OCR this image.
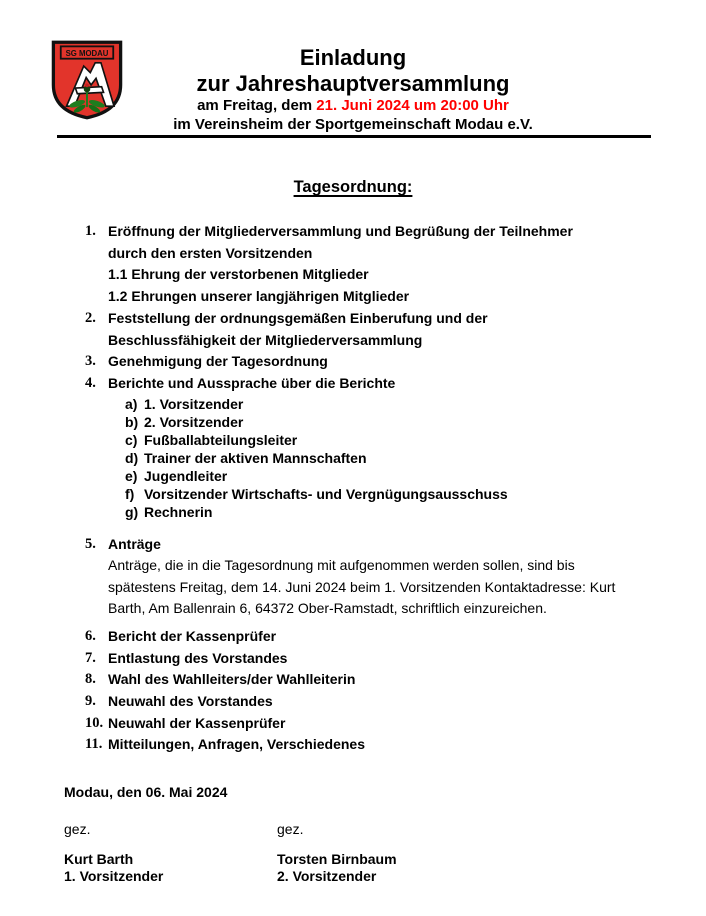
SG MODAU	Einladung
zur Jahreshauptversammlung
am Freitag, dem 21. Juni 2024 um 20:00 Uhr
im Vereinsheim der Sportgemeinschaft Modau e.V.
Tagesordnung:
1. Eröffnung der Mitgliederversammlung und Begrüßung der Teilnehmer durch den ersten Vorsitzenden
1.1 Ehrung der verstorbenen Mitglieder
1.2 Ehrungen unserer langjährigen Mitglieder
2. Feststellung der ordnungsgemäßen Einberufung und der Beschlussfähigkeit der Mitgliederversammlung
3. Genehmigung der Tagesordnung
4. Berichte und Aussprache über die Berichte
a) 1. Vorsitzender
b) 2. Vorsitzender
c) Fußballabteilungsleiter
d) Trainer der aktiven Mannschaften
e) Jugendleiter
f) Vorsitzender Wirtschafts- und Vergnügungsausschuss
g) Rechnerin
5. Anträge
Anträge, die in die Tagesordnung mit aufgenommen werden sollen, sind bis spätestens Freitag, dem 14. Juni 2024 beim 1. Vorsitzenden Kontaktadresse: Kurt Barth, Am Ballenrain 6, 64372 Ober-Ramstadt, schriftlich einzureichen.
6. Bericht der Kassenprüfer
7. Entlastung des Vorstandes
8. Wahl des Wahlleiters/der Wahlleiterin
9. Neuwahl des Vorstandes
10. Neuwahl der Kassenprüfer
11. Mitteilungen, Anfragen, Verschiedenes
Modau, den 06. Mai 2024
gez.
Kurt Barth
1. Vorsitzender
gez.
Torsten Birnbaum
2. Vorsitzender
